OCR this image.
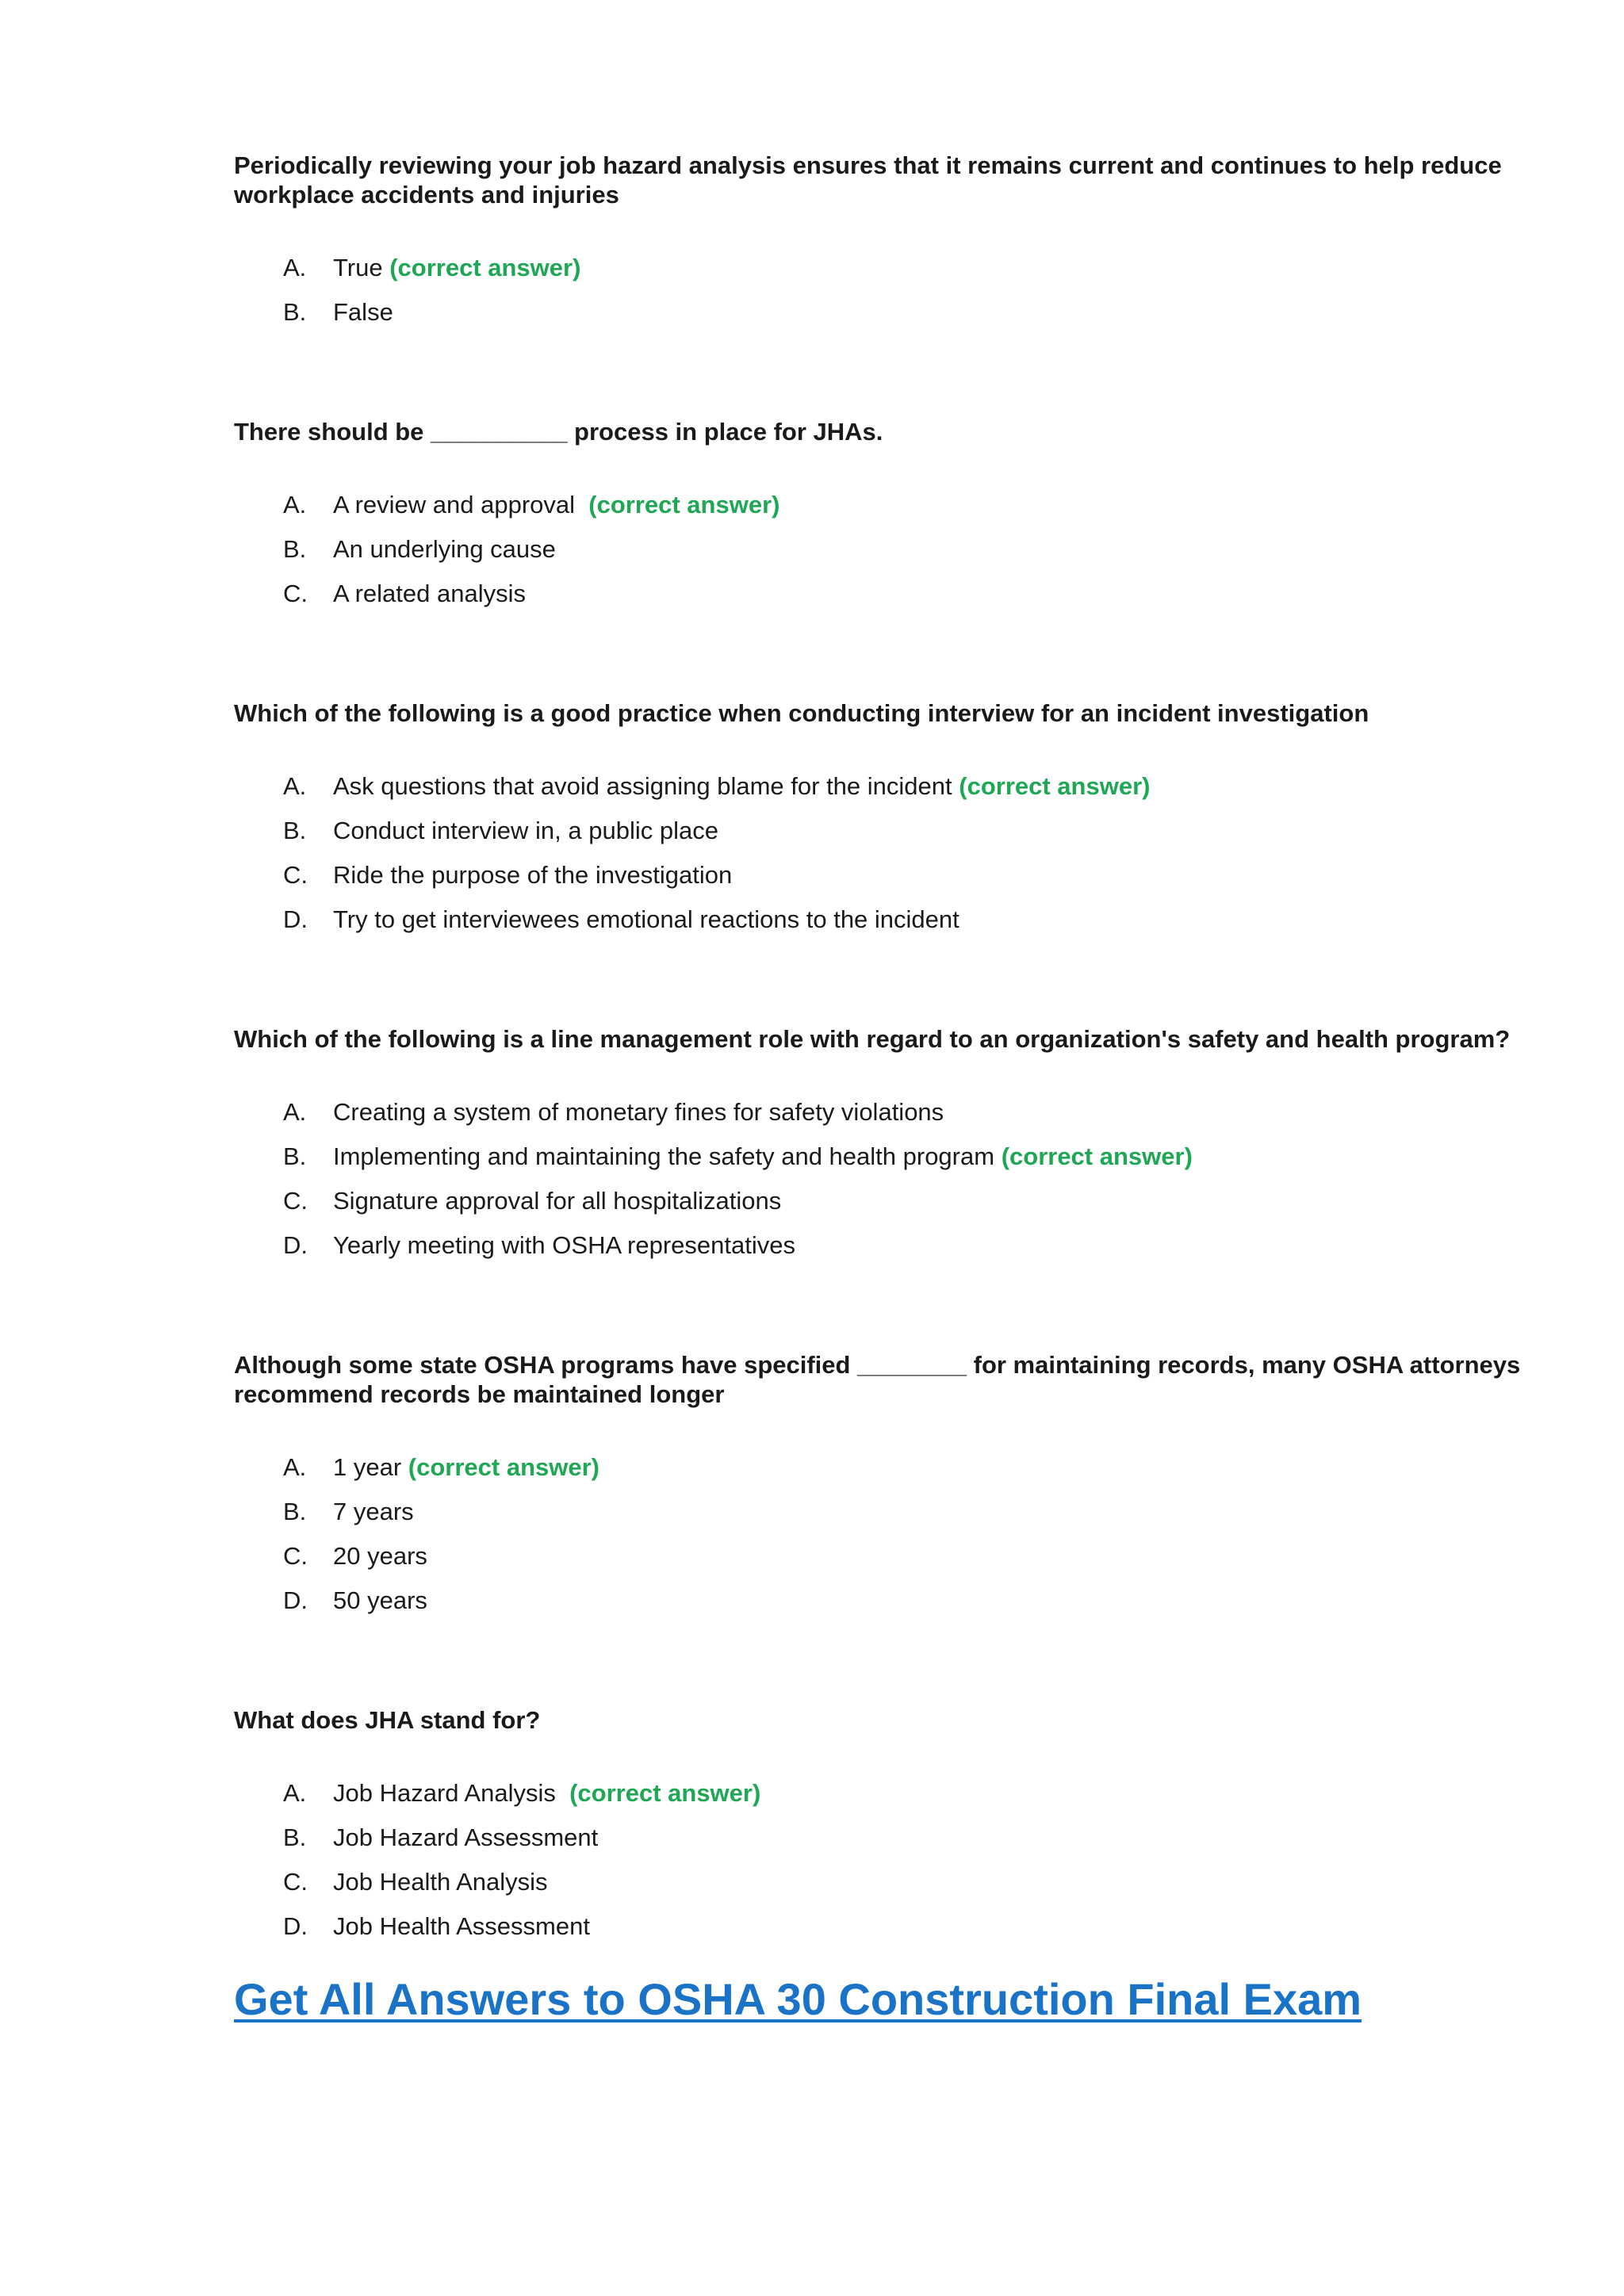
Periodically reviewing your job hazard analysis ensures that it remains current and continues to help reduce workplace accidents and injuries

A.	True (correct answer)
B.	False

There should be __________ process in place for JHAs.

A.	A review and approval (correct answer)
B.	An underlying cause
C.	A related analysis

Which of the following is a good practice when conducting interview for an incident investigation

A.	Ask questions that avoid assigning blame for the incident (correct answer)
B.	Conduct interview in, a public place
C.	Ride the purpose of the investigation
D.	Try to get interviewees emotional reactions to the incident

Which of the following is a line management role with regard to an organization's safety and health program?

A.	Creating a system of monetary fines for safety violations
B.	Implementing and maintaining the safety and health program (correct answer)
C.	Signature approval for all hospitalizations
D.	Yearly meeting with OSHA representatives

Although some state OSHA programs have specified ________ for maintaining records, many OSHA attorneys recommend records be maintained longer

A.	1 year (correct answer)
B.	7 years
C.	20 years
D.	50 years

What does JHA stand for?

A.	Job Hazard Analysis (correct answer)
B.	Job Hazard Assessment
C.	Job Health Analysis
D.	Job Health Assessment
Get All Answers to OSHA 30 Construction Final Exam
